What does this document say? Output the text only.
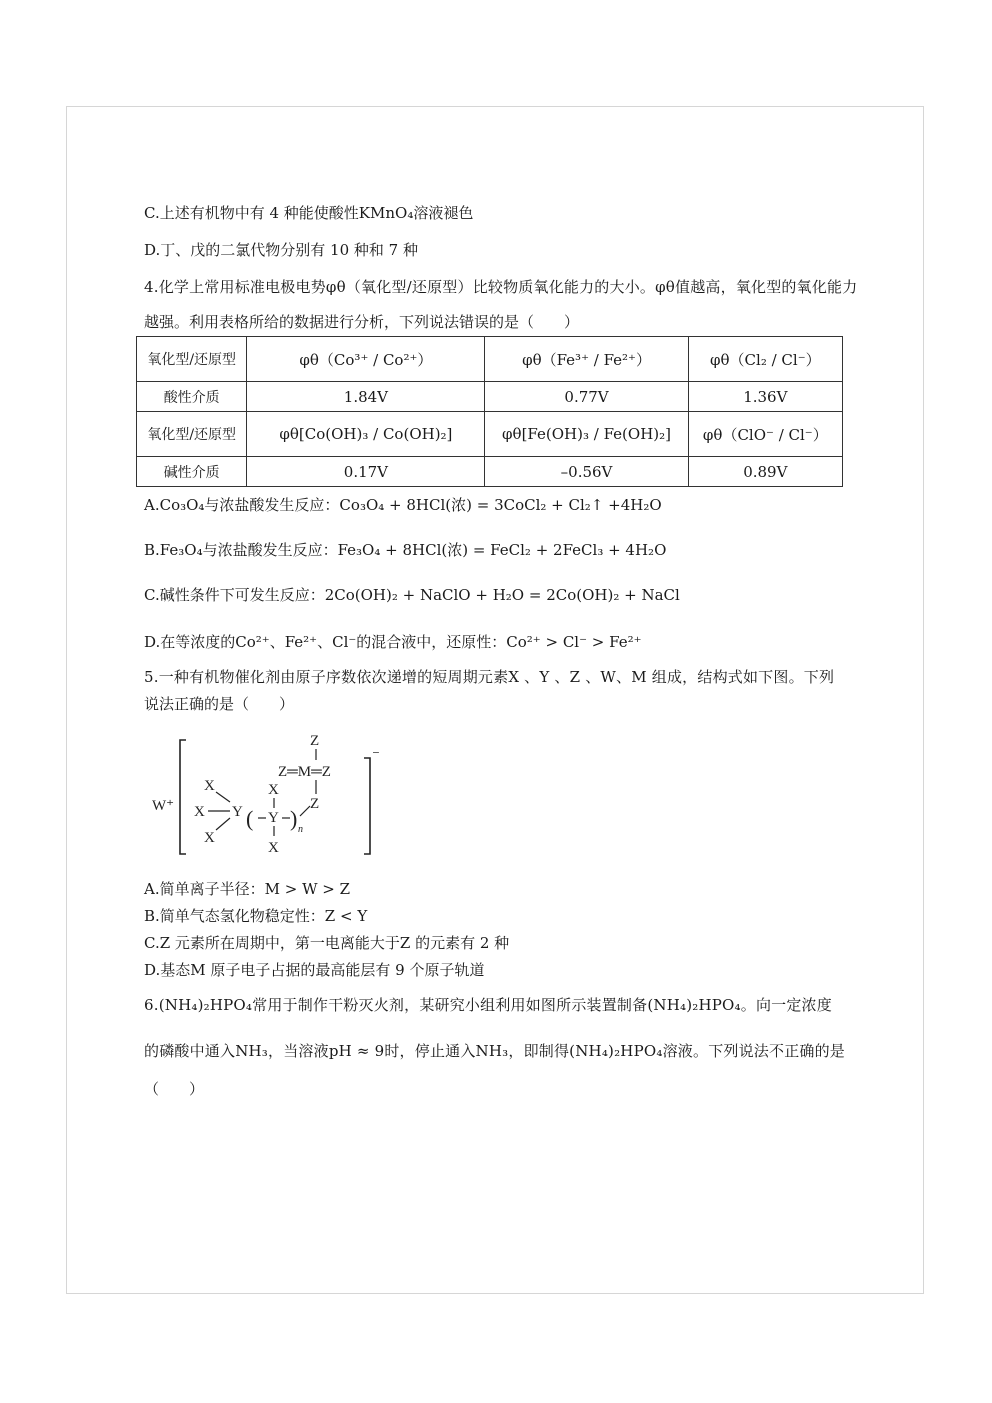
C.上述有机物中有 4 种能使酸性KMnO₄溶液褪色
D.丁、戊的二氯代物分别有 10 种和 7 种
4.化学上常用标准电极电势φθ（氧化型/还原型）比较物质氧化能力的大小。φθ值越高，氧化型的氧化能力
越强。利用表格所给的数据进行分析，下列说法错误的是（　　）
氧化型/还原型	φθ（Co³⁺ / Co²⁺）	φθ（Fe³⁺ / Fe²⁺）	φθ（Cl₂ / Cl⁻）
酸性介质	1.84V	0.77V	1.36V
氧化型/还原型	φθ[Co(OH)₃ / Co(OH)₂]	φθ[Fe(OH)₃ / Fe(OH)₂]	φθ（ClO⁻ / Cl⁻）
碱性介质	0.17V	–0.56V	0.89V
A.Co₃O₄与浓盐酸发生反应：Co₃O₄ + 8HCl(浓) = 3CoCl₂ + Cl₂↑ +4H₂O
B.Fe₃O₄与浓盐酸发生反应：Fe₃O₄ + 8HCl(浓) = FeCl₂ + 2FeCl₃ + 4H₂O
C.碱性条件下可发生反应：2Co(OH)₂ + NaClO + H₂O = 2Co(OH)₂ + NaCl
D.在等浓度的Co²⁺、Fe²⁺、Cl⁻的混合液中，还原性：Co²⁺ > Cl⁻ > Fe²⁺
5.一种有机物催化剂由原子序数依次递增的短周期元素X 、Y 、Z 、W、M 组成，结构式如下图。下列
说法正确的是（　　）
W⁺
⁻
Z
Z═M═Z
Z
X
X
X
Y (
X
Y
X
) n
A.简单离子半径：M > W > Z
B.简单气态氢化物稳定性：Z < Y
C.Z 元素所在周期中，第一电离能大于Z 的元素有 2 种
D.基态M 原子电子占据的最高能层有 9 个原子轨道
6.(NH₄)₂HPO₄常用于制作干粉灭火剂，某研究小组利用如图所示装置制备(NH₄)₂HPO₄。向一定浓度
的磷酸中通入NH₃，当溶液pH ≈ 9时，停止通入NH₃，即制得(NH₄)₂HPO₄溶液。下列说法不正确的是
（　　）
